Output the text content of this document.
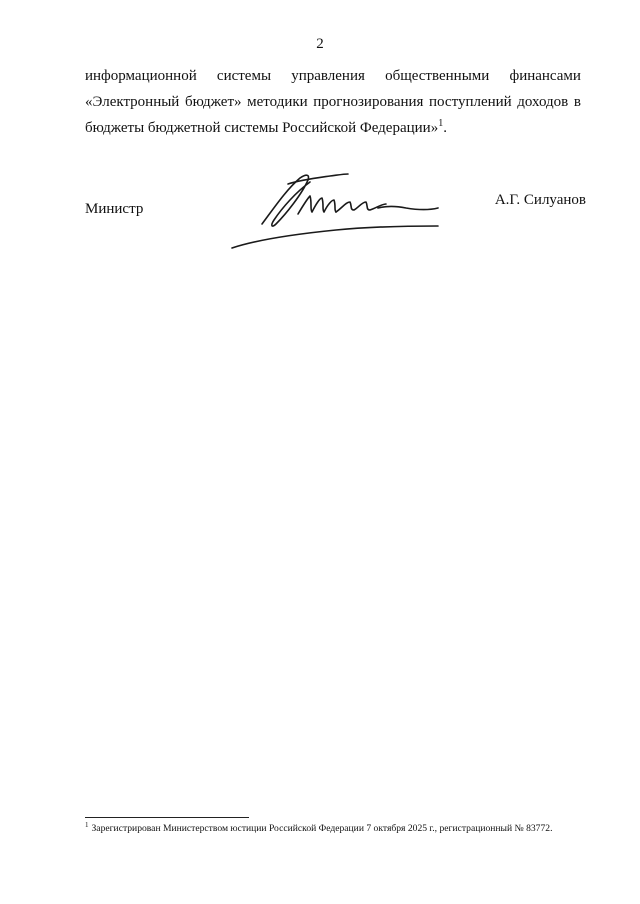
2
информационной системы управления общественными финансами
«Электронный бюджет» методики прогнозирования поступлений доходов в
бюджеты бюджетной системы Российской Федерации»$^1$.
Министр
А.Г. Силуанов
$^1$ Зарегистрирован Министерством юстиции Российской Федерации 7 октября 2025 г., регистрационный № 83772.
